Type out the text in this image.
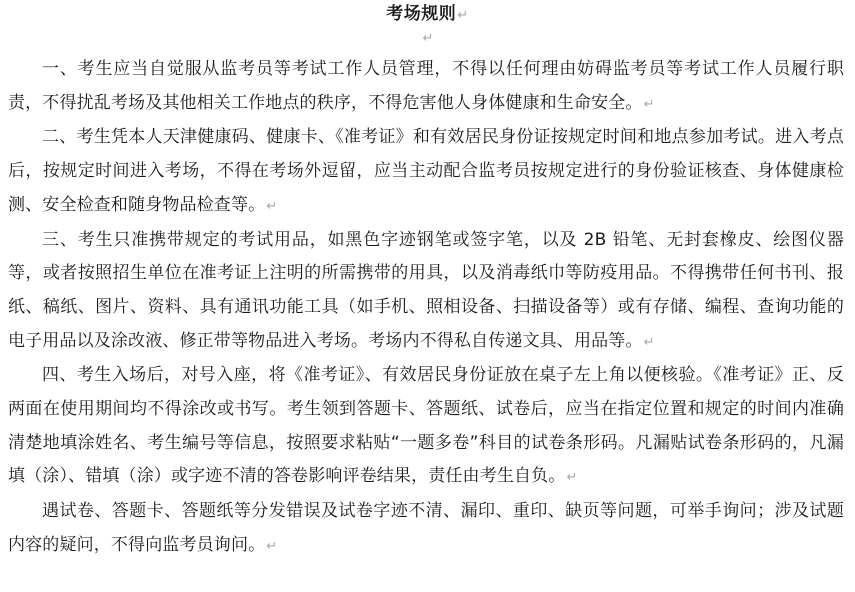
考场规则↵
↵

一、考生应当自觉服从监考员等考试工作人员管理，不得以任何理由妨碍监考员等考试工作人员履行职责，不得扰乱考场及其他相关工作地点的秩序，不得危害他人身体健康和生命安全。↵

二、考生凭本人天津健康码、健康卡、《准考证》和有效居民身份证按规定时间和地点参加考试。进入考点后，按规定时间进入考场，不得在考场外逗留，应当主动配合监考员按规定进行的身份验证核查、身体健康检测、安全检查和随身物品检查等。↵

三、考生只准携带规定的考试用品，如黑色字迹钢笔或签字笔，以及 2B 铅笔、无封套橡皮、绘图仪器等，或者按照招生单位在准考证上注明的所需携带的用具，以及消毒纸巾等防疫用品。不得携带任何书刊、报纸、稿纸、图片、资料、具有通讯功能工具（如手机、照相设备、扫描设备等）或有存储、编程、查询功能的电子用品以及涂改液、修正带等物品进入考场。考场内不得私自传递文具、用品等。↵

四、考生入场后，对号入座，将《准考证》、有效居民身份证放在桌子左上角以便核验。《准考证》正、反两面在使用期间均不得涂改或书写。考生领到答题卡、答题纸、试卷后，应当在指定位置和规定的时间内准确清楚地填涂姓名、考生编号等信息，按照要求粘贴“一题多卷”科目的试卷条形码。凡漏贴试卷条形码的，凡漏填（涂）、错填（涂）或字迹不清的答卷影响评卷结果，责任由考生自负。↵

遇试卷、答题卡、答题纸等分发错误及试卷字迹不清、漏印、重印、缺页等问题，可举手询问；涉及试题内容的疑问，不得向监考员询问。↵
